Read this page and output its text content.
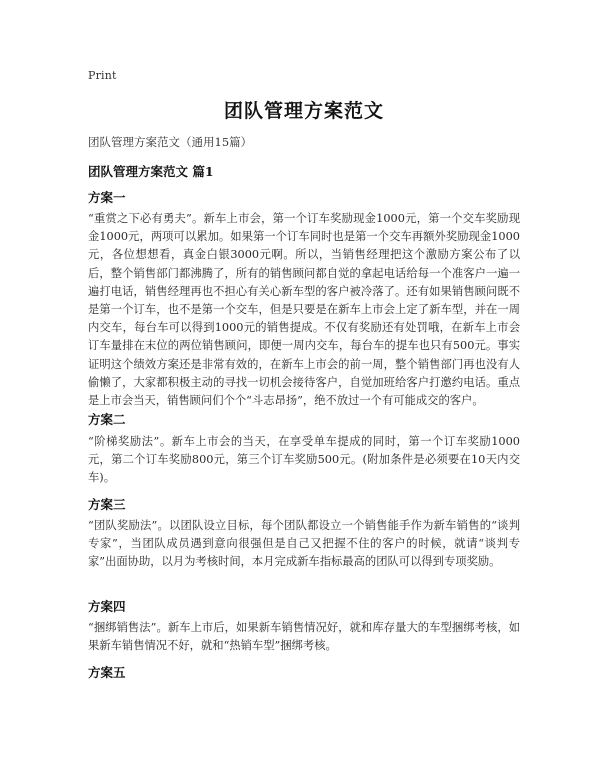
Print
团队管理方案范文
团队管理方案范文（通用15篇）
团队管理方案范文 篇1
方案一
“重赏之下必有勇夫”。新车上市会，第一个订车奖励现金1000元，第一个交车奖励现金1000元，两项可以累加。如果第一个订车同时也是第一个交车再额外奖励现金1000元，各位想想看，真金白银3000元啊。所以，当销售经理把这个激励方案公布了以后，整个销售部门都沸腾了，所有的销售顾问都自觉的拿起电话给每一个准客户一遍一遍打电话，销售经理再也不担心有关心新车型的客户被冷落了。还有如果销售顾问既不是第一个订车，也不是第一个交车，但是只要是在新车上市会上定了新车型，并在一周内交车，每台车可以得到1000元的销售提成。不仅有奖励还有处罚哦，在新车上市会订车量排在末位的两位销售顾问，即便一周内交车，每台车的提车也只有500元。事实证明这个绩效方案还是非常有效的，在新车上市会的前一周，整个销售部门再也没有人偷懒了，大家都积极主动的寻找一切机会接待客户，自觉加班给客户打邀约电话。重点是上市会当天，销售顾问们个个“斗志昂扬”，绝不放过一个有可能成交的客户。
方案二
“阶梯奖励法”。新车上市会的当天，在享受单车提成的同时，第一个订车奖励1000元，第二个订车奖励800元，第三个订车奖励500元。(附加条件是必须要在10天内交车)。
方案三
“团队奖励法”。以团队设立目标，每个团队都设立一个销售能手作为新车销售的“谈判专家”，当团队成员遇到意向很强但是自己又把握不住的客户的时候，就请“谈判专家”出面协助，以月为考核时间，本月完成新车指标最高的团队可以得到专项奖励。
方案四
“捆绑销售法”。新车上市后，如果新车销售情况好，就和库存量大的车型捆绑考核，如果新车销售情况不好，就和“热销车型”捆绑考核。
方案五
